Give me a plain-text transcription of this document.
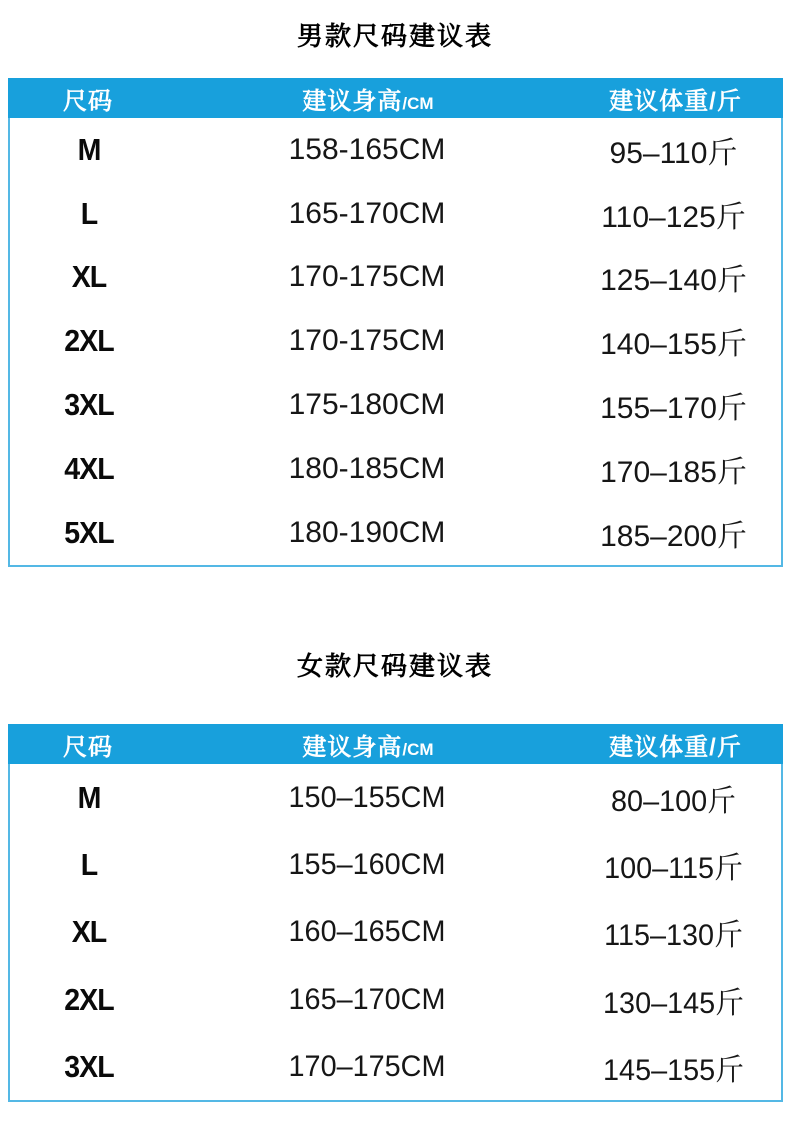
男款尺码建议表
尺码	建议身高/CM	建议体重/斤
M	158-165CM	95–110斤
L	165-170CM	110–125斤
XL	170-175CM	125–140斤
2XL	170-175CM	140–155斤
3XL	175-180CM	155–170斤
4XL	180-185CM	170–185斤
5XL	180-190CM	185–200斤
女款尺码建议表
尺码	建议身高/CM	建议体重/斤
M	150–155CM	80–100斤
L	155–160CM	100–115斤
XL	160–165CM	115–130斤
2XL	165–170CM	130–145斤
3XL	170–175CM	145–155斤
